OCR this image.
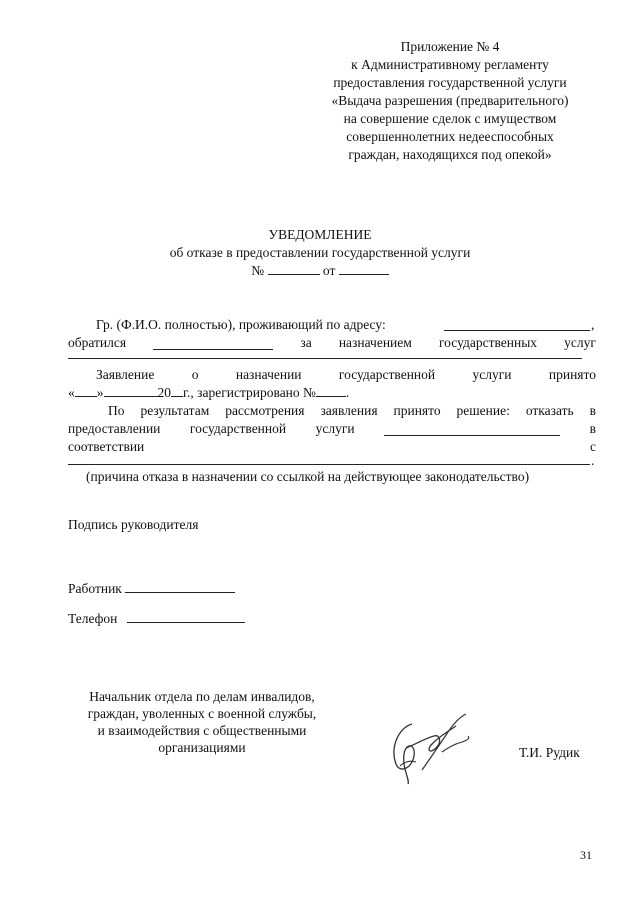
Приложение № 4
к Административному регламенту
предоставления государственной услуги
«Выдача разрешения (предварительного)
на совершение сделок с имуществом
совершеннолетних недееспособных
граждан, находящихся под опекой»
УВЕДОМЛЕНИЕ
об отказе в предоставлении государственной услуги
№	от
Гр. (Ф.И.О. полностью), проживающий по адресу:	,
обратился	за назначением государственных услуг
Заявление	о	назначении	государственной	услуги	принято
« »	20 г., зарегистрировано № .
По результатам рассмотрения заявления принято решение: отказать в
предоставлении государственной услуги	в
соответствии	с
.
(причина отказа в назначении со ссылкой на действующее законодательство)
Подпись руководителя
Работник
Телефон
Начальник отдела по делам инвалидов,
граждан, уволенных с военной службы,
и взаимодействия с общественными
организациями	Т.И. Рудик
31
